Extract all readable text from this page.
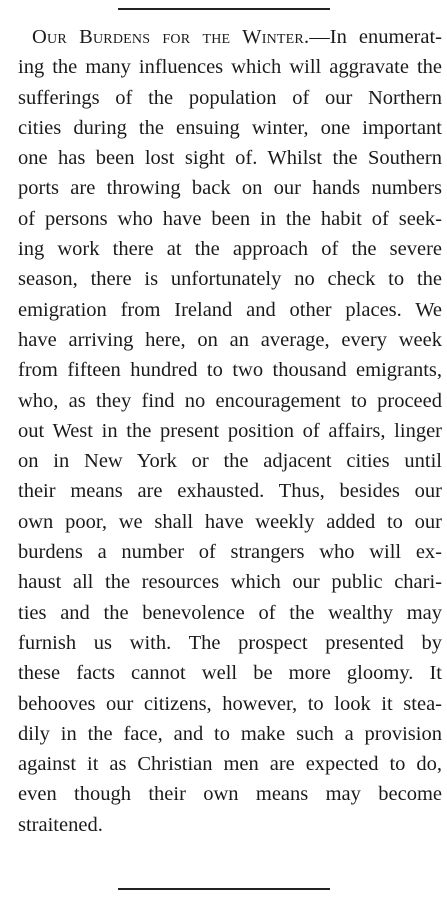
Our Burdens for the Winter.—In enumerat-
ing the many influences which will aggravate the
sufferings of the population of our Northern
cities during the ensuing winter, one important
one has been lost sight of. Whilst the Southern
ports are throwing back on our hands numbers
of persons who have been in the habit of seek-
ing work there at the approach of the severe
season, there is unfortunately no check to the
emigration from Ireland and other places. We
have arriving here, on an average, every week
from fifteen hundred to two thousand emigrants,
who, as they find no encouragement to proceed
out West in the present position of affairs, linger
on in New York or the adjacent cities until
their means are exhausted. Thus, besides our
own poor, we shall have weekly added to our
burdens a number of strangers who will ex-
haust all the resources which our public chari-
ties and the benevolence of the wealthy may
furnish us with. The prospect presented by
these facts cannot well be more gloomy. It
behooves our citizens, however, to look it stea-
dily in the face, and to make such a provision
against it as Christian men are expected to do,
even though their own means may become
straitened.
